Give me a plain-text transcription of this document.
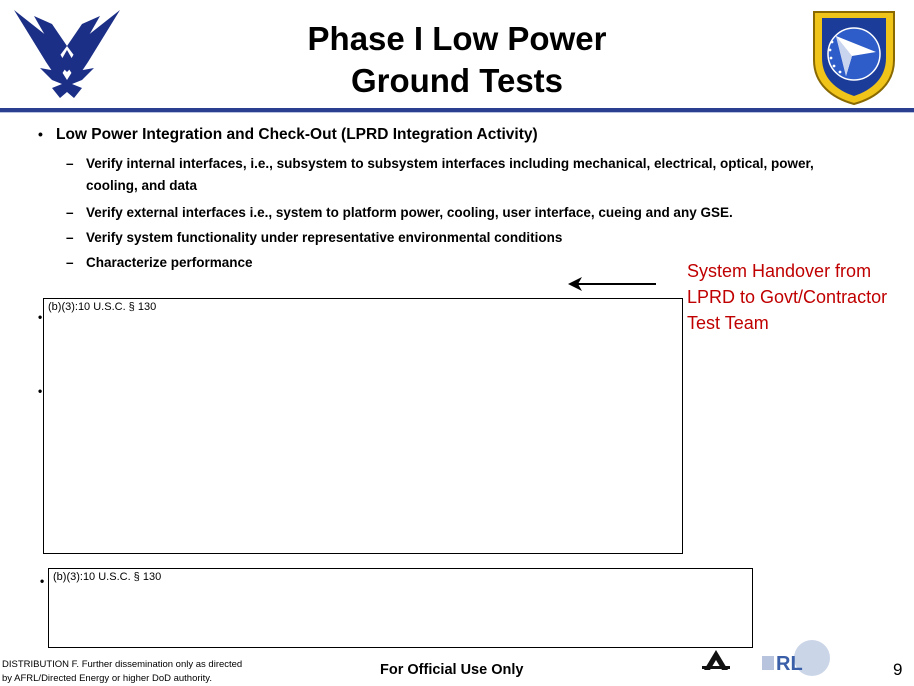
Phase I Low Power
Ground Tests
• Low Power Integration and Check-Out (LPRD Integration Activity)
– Verify internal interfaces, i.e., subsystem to subsystem interfaces including mechanical, electrical, optical, power, cooling, and data
– Verify external interfaces i.e., system to platform power, cooling, user interface, cueing and any GSE.
– Verify system functionality under representative environmental conditions
– Characterize performance	System Handover from LPRD to Govt/Contractor Test Team
•
•
(b)(3):10 U.S.C. § 130
• (b)(3):10 U.S.C. § 130
DISTRIBUTION F. Further dissemination only as directed
by AFRL/Directed Energy or higher DoD authority.
For Official Use Only	RL	9
